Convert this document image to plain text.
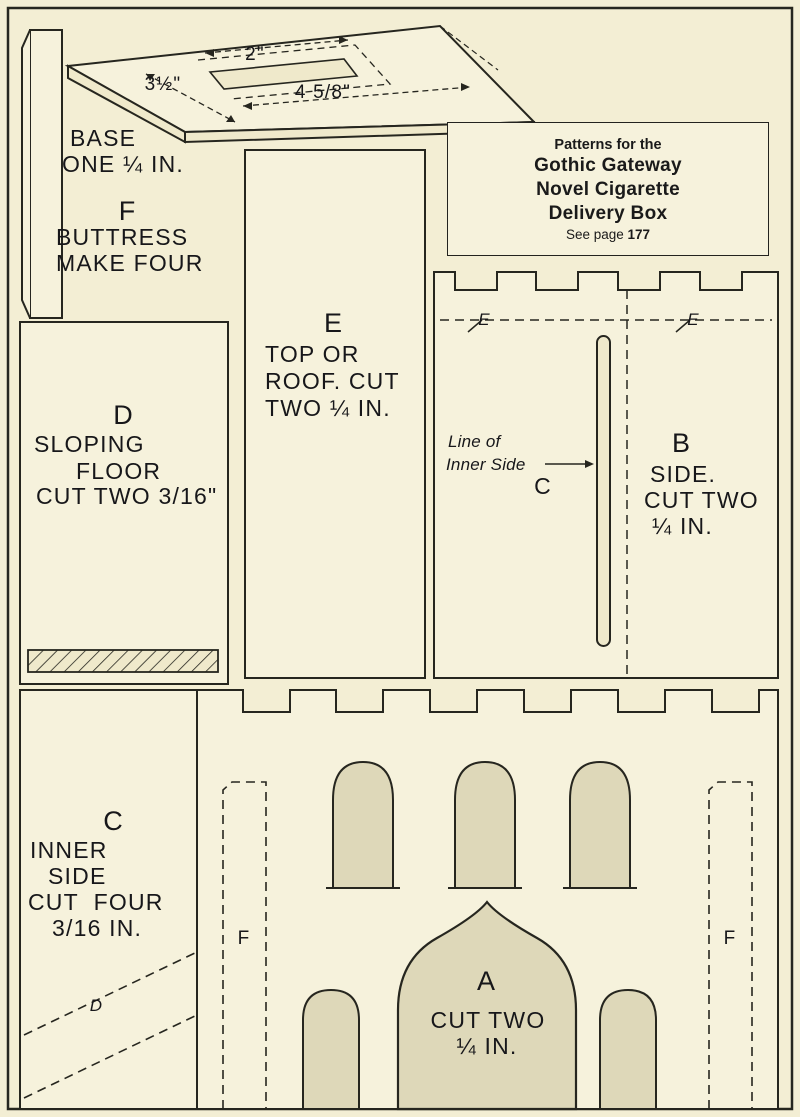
Patterns for the
Gothic Gateway
Novel Cigarette
Delivery Box
See page 177
2"
3½"	4 5/8"
BASE
ONE ¼ IN.
F
BUTTRESS
MAKE FOUR
D
SLOPING
FLOOR
CUT TWO 3/16"
E
TOP OR
ROOF. CUT
TWO ¼ IN.
B
SIDE.
CUT TWO
¼ IN.
Line of
Inner Side
C
E	E
C
INNER
SIDE
CUT  FOUR
3/16 IN.
D
A
CUT TWO
¼ IN.
F	F
